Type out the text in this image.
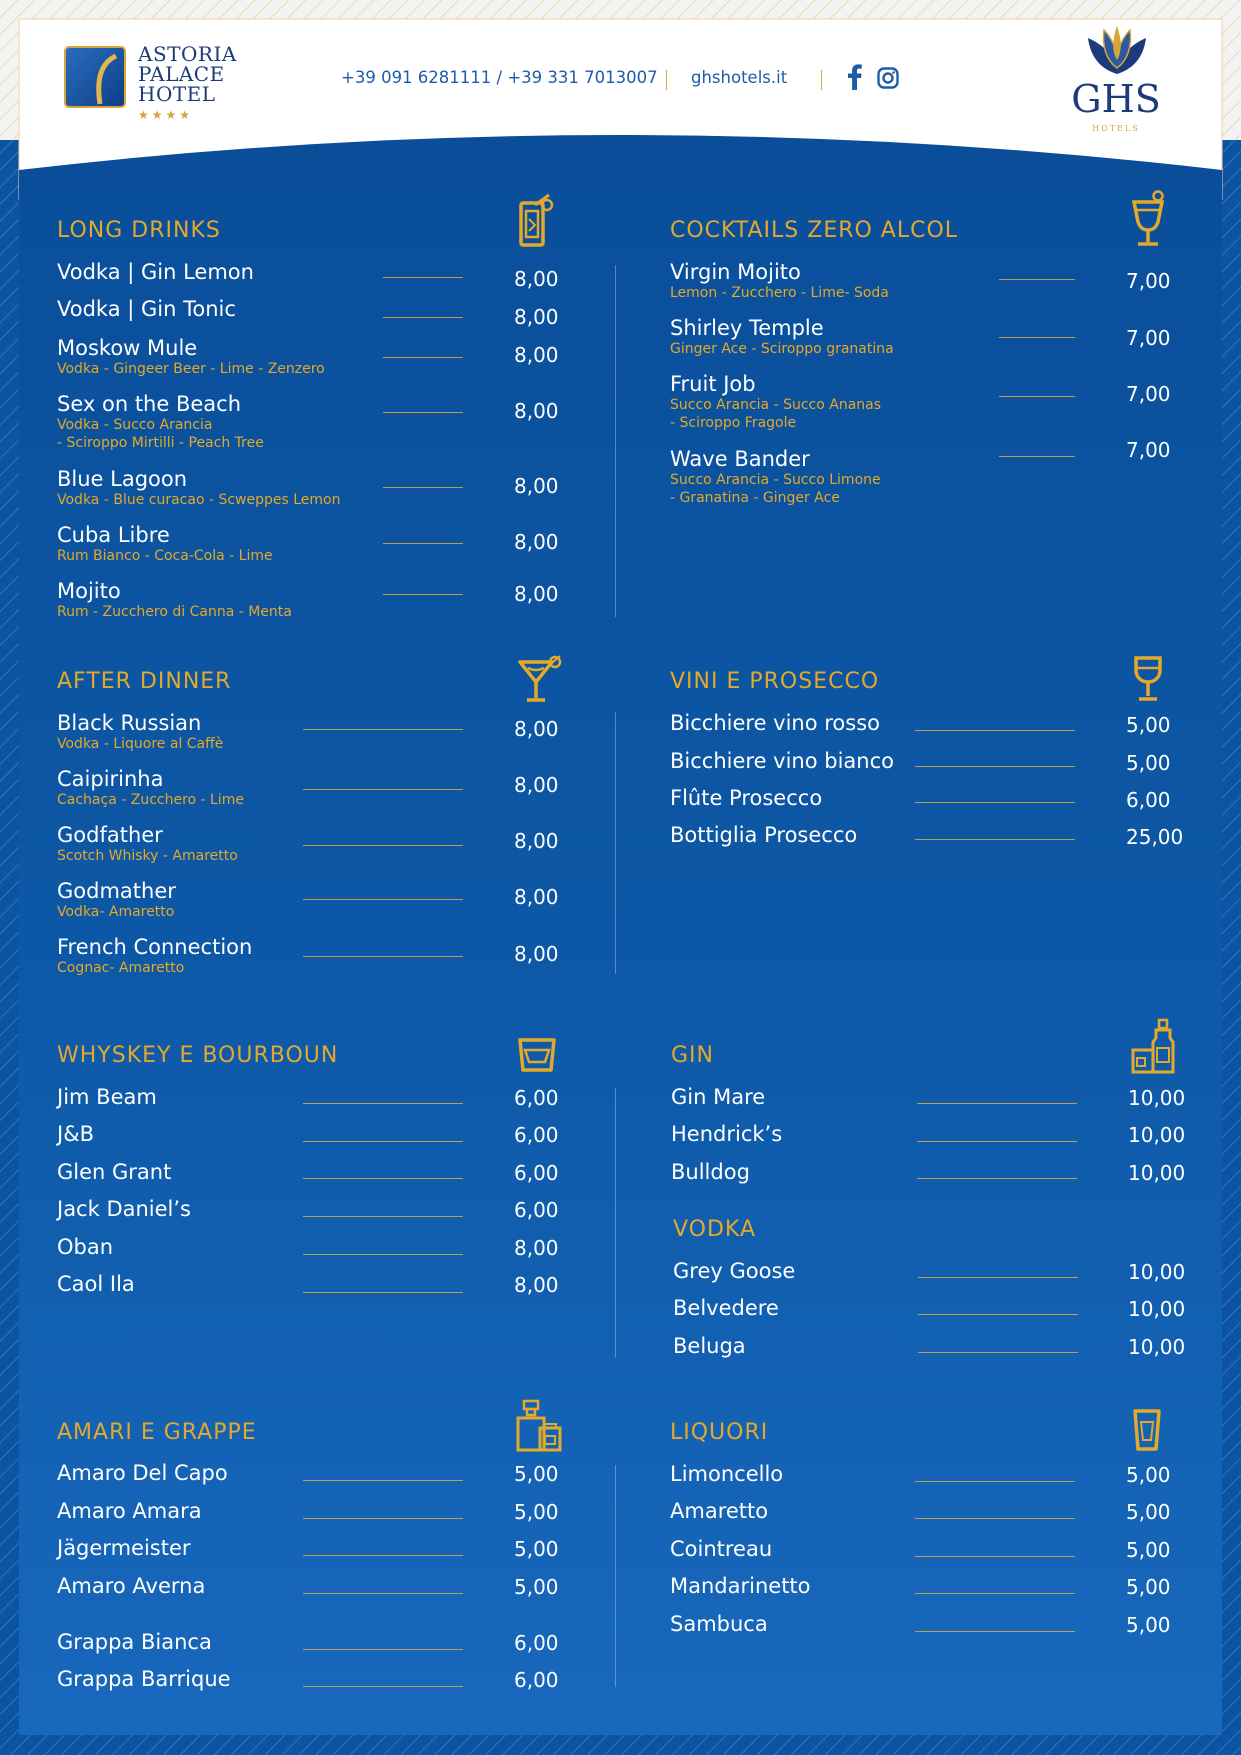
ASTORIA
PALACE
HOTEL
★★★★
+39 091 6281111 / +39 331 7013007 ghshotels.it	GHS
HOTELS
LONG DRINKS
Vodka | Gin Lemon	8,00
Vodka | Gin Tonic	8,00
Moskow Mule
Vodka - Gingeer Beer - Lime - Zenzero
8,00
Sex on the Beach
Vodka - Succo Arancia
- Sciroppo Mirtilli - Peach Tree
8,00
Blue Lagoon
Vodka - Blue curacao - Scweppes Lemon
8,00
Cuba Libre
Rum Bianco - Coca-Cola - Lime
8,00
Mojito
Rum - Zucchero di Canna - Menta
8,00
COCKTAILS ZERO ALCOL
Virgin Mojito
Lemon - Zucchero - Lime- Soda	7,00
Shirley Temple
Ginger Ace - Sciroppo granatina	7,00
Fruit Job
Succo Arancia - Succo Ananas
- Sciroppo Fragole
7,00
Wave Bander
Succo Arancia - Succo Limone
- Granatina - Ginger Ace
7,00
AFTER DINNER
Black Russian
Vodka - Liquore al Caffè
8,00
Caipirinha
Cachaça - Zucchero - Lime
8,00
Godfather
Scotch Whisky - Amaretto
8,00
Godmather
Vodka- Amaretto
8,00
French Connection
Cognac- Amaretto
8,00
VINI E PROSECCO
Bicchiere vino rosso	5,00
Bicchiere vino bianco	5,00
Flûte Prosecco	6,00
Bottiglia Prosecco	25,00
WHYSKEY E BOURBOUN
Jim Beam	6,00
J&B	6,00
Glen Grant	6,00
Jack Daniel’s	6,00
Oban	8,00
Caol Ila	8,00
GIN
Gin Mare	10,00
Hendrick’s	10,00
Bulldog	10,00
VODKA
Grey Goose	10,00
Belvedere	10,00
Beluga	10,00
AMARI E GRAPPE
Amaro Del Capo	5,00
Amaro Amara	5,00
Jägermeister	5,00
Amaro Averna	5,00
Grappa Bianca	6,00
Grappa Barrique	6,00
LIQUORI
Limoncello	5,00
Amaretto	5,00
Cointreau	5,00
Mandarinetto	5,00
Sambuca	5,00
